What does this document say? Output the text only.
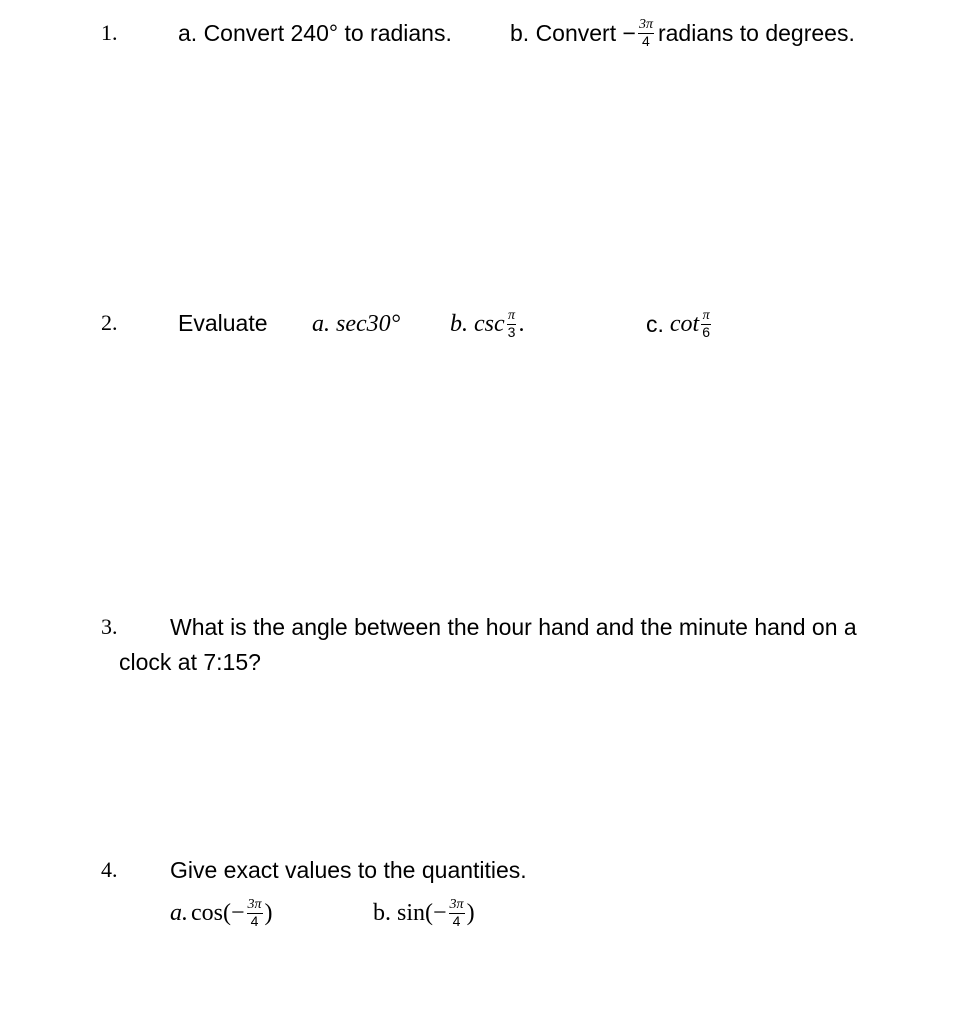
1.	a. Convert 240° to radians.	b. Convert − $\frac{3\pi}{4}$ radians to degrees.
2.	Evaluate a. sec30° b. $\csc \frac{\pi}{3}$ .	c. $\cot \frac{\pi}{6}$
3. What is the angle between the hour hand and the minute hand on a
clock at 7:15?
4. Give exact values to the quantities.
a. $\cos(- \frac{3\pi}{4}$ )	b. $\sin(- \frac{3\pi}{4}$ )
